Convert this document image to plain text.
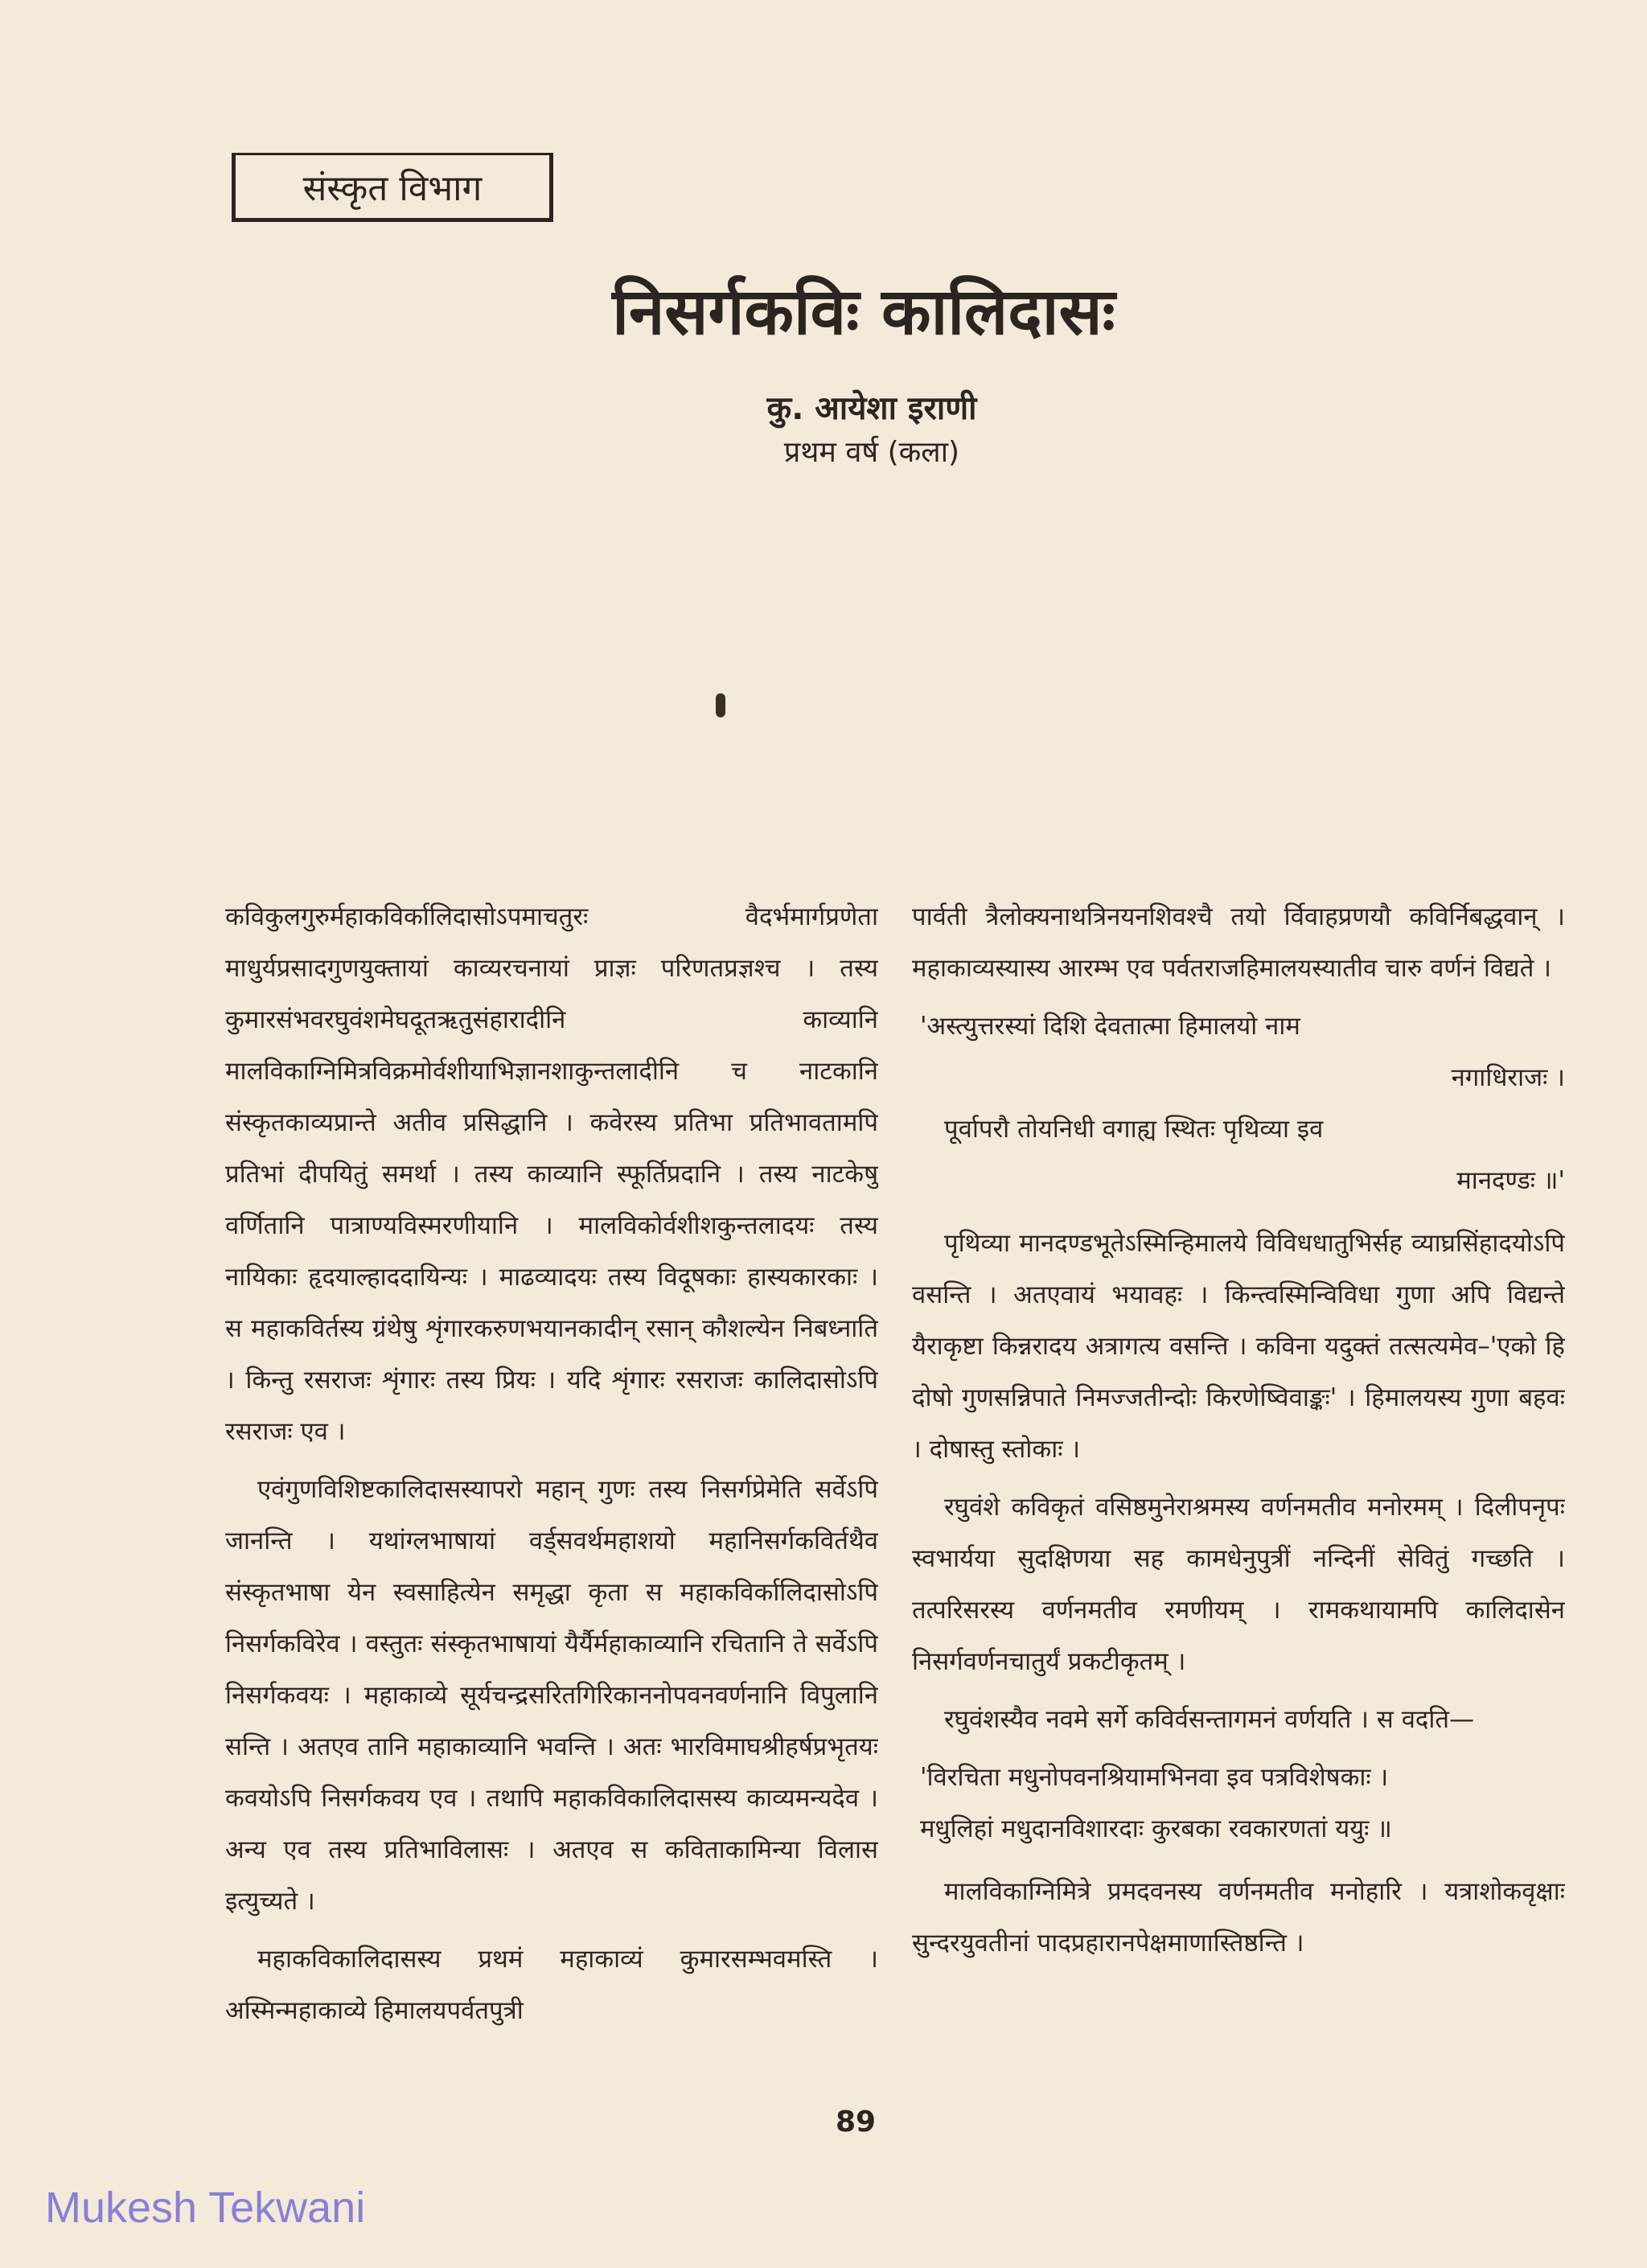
संस्कृत विभाग
निसर्गकविः कालिदासः
कु. आयेशा इराणी
प्रथम वर्ष (कला)

कविकुलगुरुर्महाकविर्कालिदासोऽपमाचतुरः वैदर्भमार्गप्रणेता माधुर्यप्रसादगुणयुक्तायां काव्यरचनायां प्राज्ञः परिणतप्रज्ञश्च । तस्य कुमारसंभवरघुवंशमेघदूतऋतुसंहारादीनि काव्यानि मालविकाग्निमित्रविक्रमोर्वशीयाभिज्ञानशाकुन्तलादीनि च नाटकानि संस्कृतकाव्यप्रान्ते अतीव प्रसिद्धानि । कवेरस्य प्रतिभा प्रतिभावतामपि प्रतिभां दीपयितुं समर्था । तस्य काव्यानि स्फूर्तिप्रदानि । तस्य नाटकेषु वर्णितानि पात्राण्यविस्मरणीयानि । मालविकोर्वशीशकुन्तलादयः तस्य नायिकाः हृदयाल्हाददायिन्यः । माढव्यादयः तस्य विदूषकाः हास्यकारकाः । स महाकविर्तस्य ग्रंथेषु शृंगारकरुणभयानकादीन् रसान् कौशल्येन निबध्नाति । किन्तु रसराजः शृंगारः तस्य प्रियः । यदि शृंगारः रसराजः कालिदासोऽपि रसराजः एव ।

एवंगुणविशिष्टकालिदासस्यापरो महान् गुणः तस्य निसर्गप्रेमेति सर्वेऽपि जानन्ति । यथांग्लभाषायां वर्ड्सवर्थमहाशयो महानिसर्गकविर्तथैव संस्कृतभाषा येन स्वसाहित्येन समृद्धा कृता स महाकविर्कालिदासोऽपि निसर्गकविरेव । वस्तुतः संस्कृतभाषायां यैर्यैर्महाकाव्यानि रचितानि ते सर्वेऽपि निसर्गकवयः । महाकाव्ये सूर्यचन्द्रसरितगिरिकाननोपवनवर्णनानि विपुलानि सन्ति । अतएव तानि महाकाव्यानि भवन्ति । अतः भारविमाघश्रीहर्षप्रभृतयः कवयोऽपि निसर्गकवय एव । तथापि महाकविकालिदासस्य काव्यमन्यदेव । अन्य एव तस्य प्रतिभाविलासः । अतएव स कविताकामिन्या विलास इत्युच्यते ।

महाकविकालिदासस्य प्रथमं महाकाव्यं कुमारसम्भवमस्ति । अस्मिन्महाकाव्ये हिमालयपर्वतपुत्री

पार्वती त्रैलोक्यनाथत्रिनयनशिवश्चै तयो र्विवाहप्रणयौ कविर्निबद्धवान् । महाकाव्यस्यास्य आरम्भ एव पर्वतराजहिमालयस्यातीव चारु वर्णनं विद्यते ।

'अस्त्युत्तरस्यां दिशि देवतात्मा हिमालयो नाम
नगाधिराजः ।
पूर्वापरौ तोयनिधी वगाह्य स्थितः पृथिव्या इव
मानदण्डः ॥'

पृथिव्या मानदण्डभूतेऽस्मिन्हिमालये विविधधातुभिर्सह व्याघ्रसिंहादयोऽपि वसन्ति । अतएवायं भयावहः । किन्त्वस्मिन्विविधा गुणा अपि विद्यन्ते यैराकृष्टा किन्नरादय अत्रागत्य वसन्ति । कविना यदुक्तं तत्सत्यमेव–'एको हि दोषो गुणसन्निपाते निमज्जतीन्दोः किरणेष्विवाङ्कः' । हिमालयस्य गुणा बहवः । दोषास्तु स्तोकाः ।

रघुवंशे कविकृतं वसिष्ठमुनेराश्रमस्य वर्णनमतीव मनोरमम् । दिलीपनृपः स्वभार्यया सुदक्षिणया सह कामधेनुपुत्रीं नन्दिनीं सेवितुं गच्छति । तत्परिसरस्य वर्णनमतीव रमणीयम् । रामकथायामपि कालिदासेन निसर्गवर्णनचातुर्यं प्रकटीकृतम् ।

रघुवंशस्यैव नवमे सर्गे कविर्वसन्तागमनं वर्णयति । स वदति—

'विरचिता मधुनोपवनश्रियामभिनवा इव पत्रविशेषकाः ।
मधुलिहां मधुदानविशारदाः कुरबका रवकारणतां ययुः ॥

मालविकाग्निमित्रे प्रमदवनस्य वर्णनमतीव मनोहारि । यत्राशोकवृक्षाः सुन्दरयुवतीनां पादप्रहारानपेक्षमाणास्तिष्ठन्ति ।

89
Mukesh Tekwani
